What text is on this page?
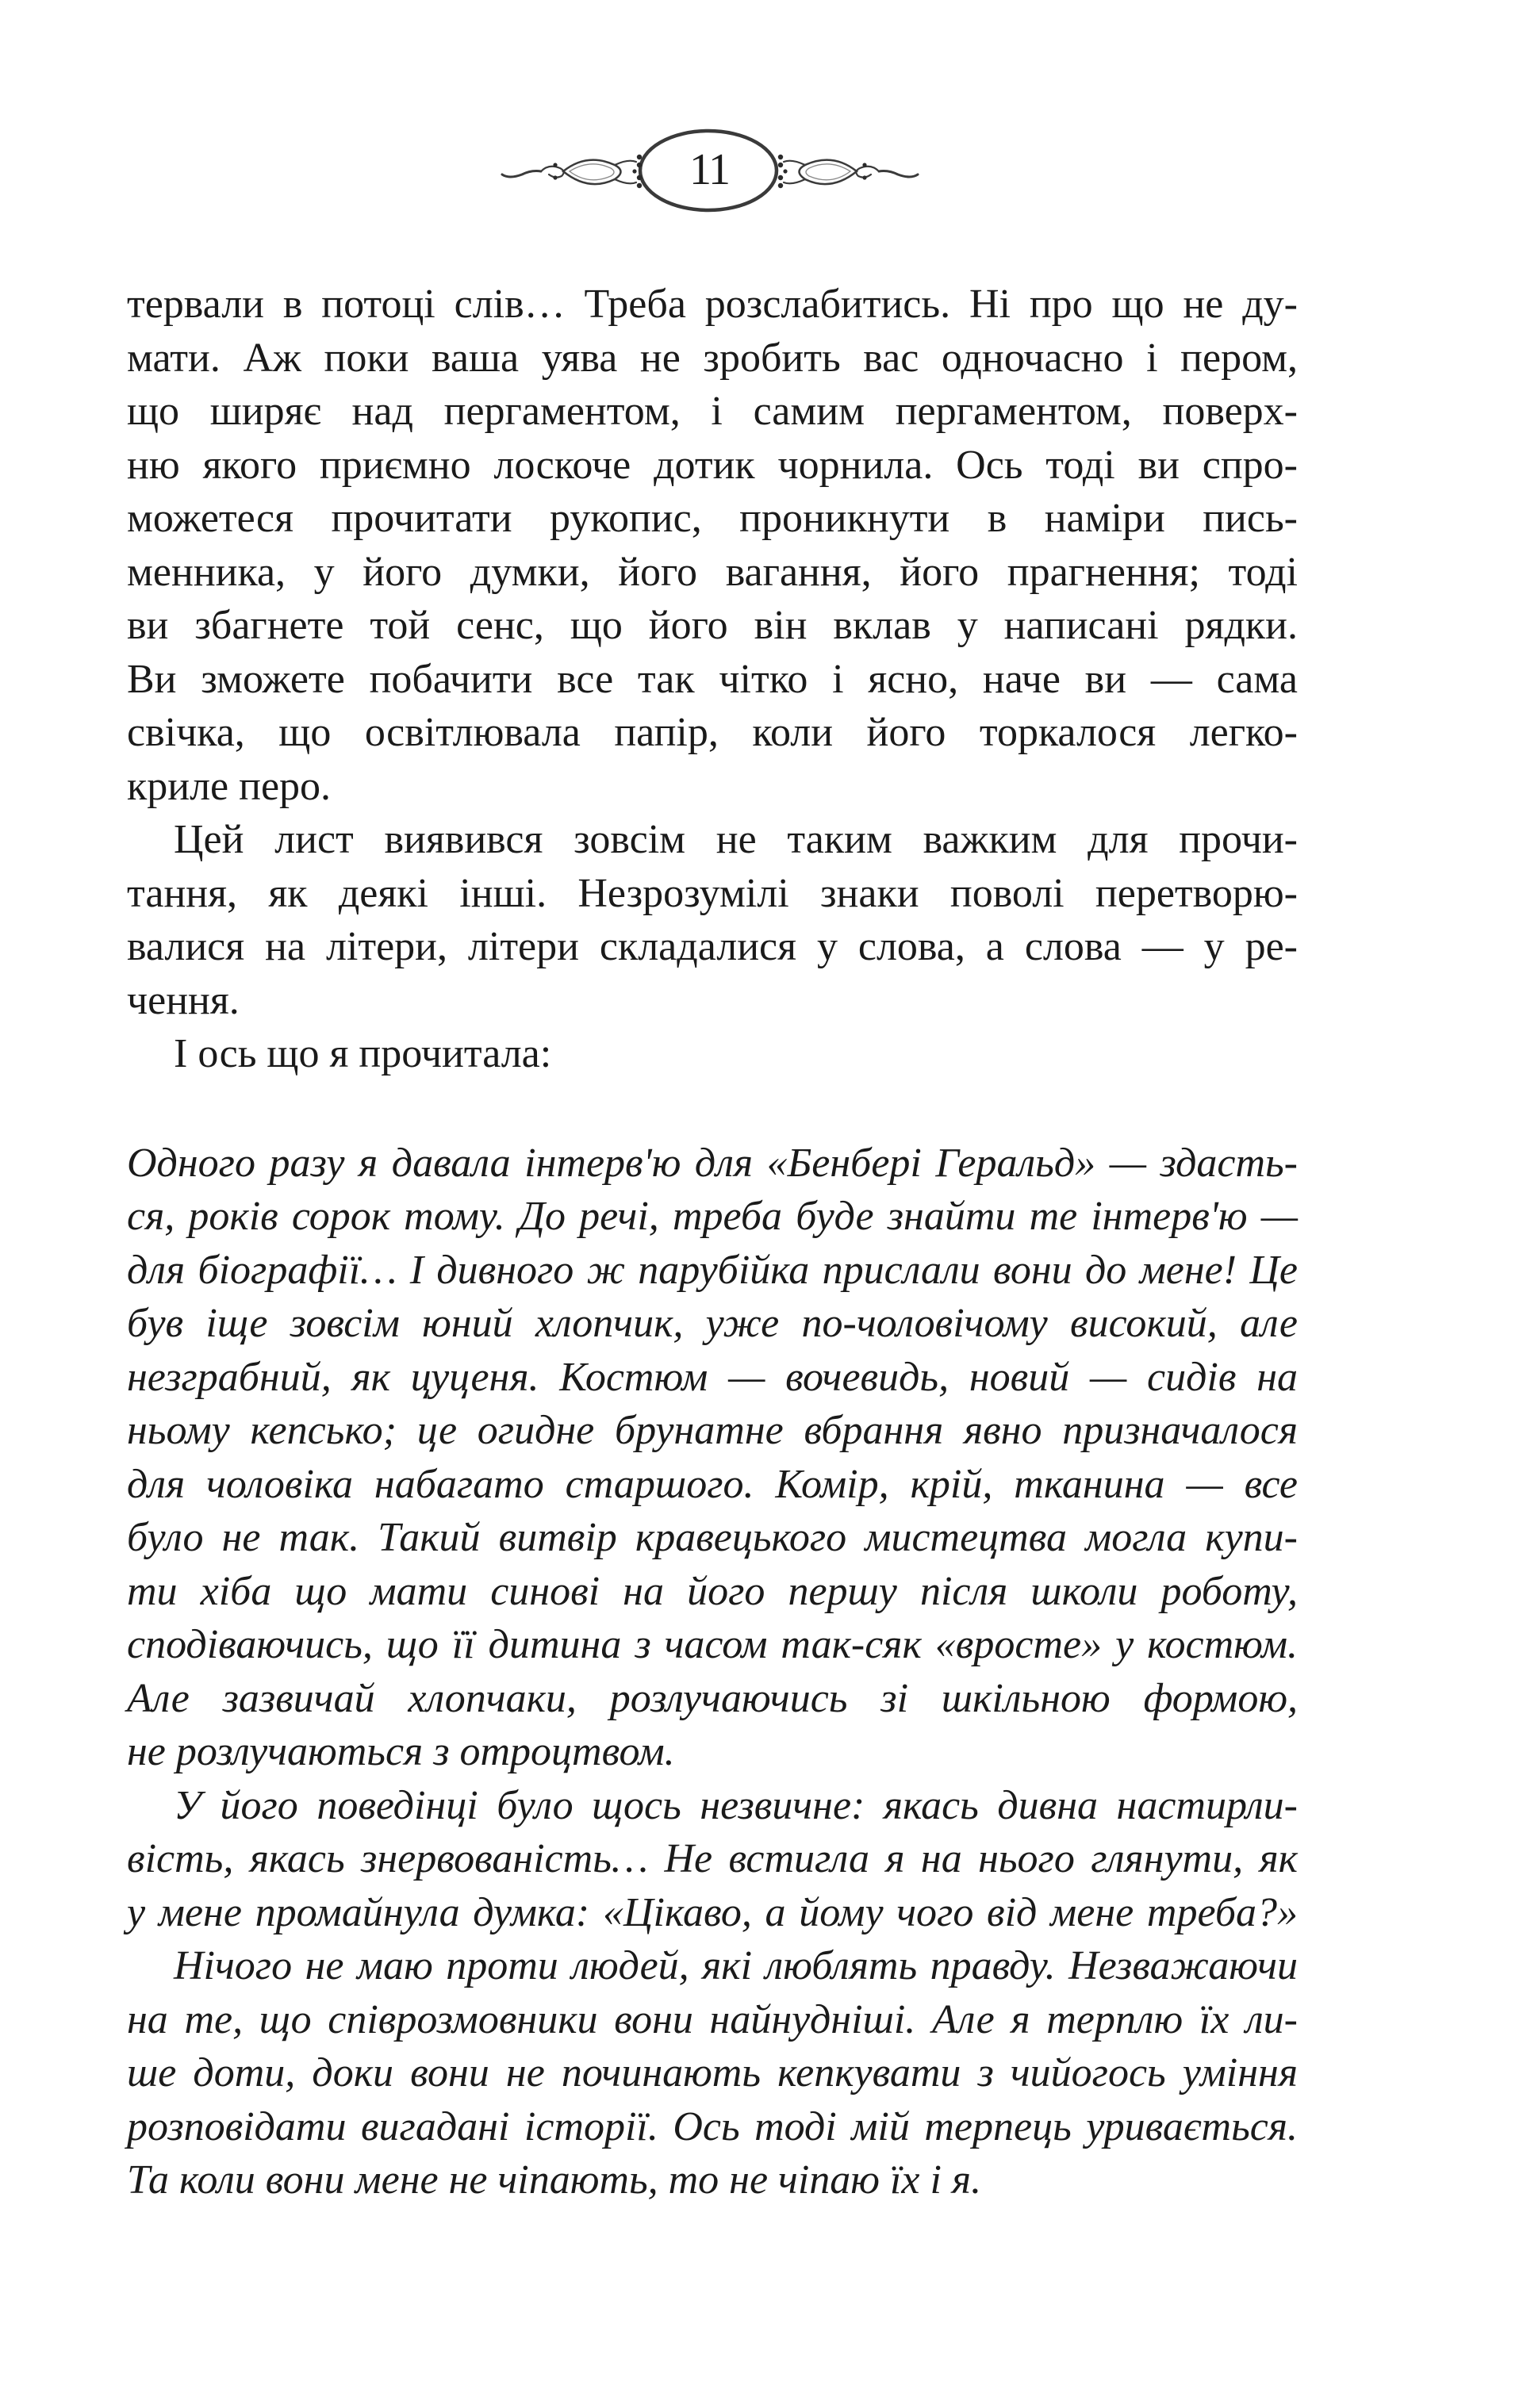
11
тервали в потоці слів… Треба розслабитись. Ні про що не ду-
мати. Аж поки ваша уява не зробить вас одночасно і пером,
що ширяє над пергаментом, і самим пергаментом, поверх-
ню якого приємно лоскоче дотик чорнила. Ось тоді ви спро-
можетеся прочитати рукопис, проникнути в наміри пись-
менника, у його думки, його вагання, його прагнення; тоді
ви збагнете той сенс, що його він вклав у написані рядки.
Ви зможете побачити все так чітко і ясно, наче ви — сама
свічка, що освітлювала папір, коли його торкалося легко-
криле перо.
Цей лист виявився зовсім не таким важким для прочи-
тання, як деякі інші. Незрозумілі знаки поволі перетворю-
валися на літери, літери складалися у слова, а слова — у ре-
чення.
І ось що я прочитала:
Одного разу я давала інтерв'ю для «Бенбері Геральд» — здасть-
ся, років сорок тому. До речі, треба буде знайти те інтерв'ю —
для біографії… І дивного ж парубійка прислали вони до мене! Це
був іще зовсім юний хлопчик, уже по-чоловічому високий, але
незграбний, як цуценя. Костюм — вочевидь, новий — сидів на
ньому кепсько; це огидне брунатне вбрання явно призначалося
для чоловіка набагато старшого. Комір, крій, тканина — все
було не так. Такий витвір кравецького мистецтва могла купи-
ти хіба що мати синові на його першу після школи роботу,
сподіваючись, що її дитина з часом так-сяк «вросте» у костюм.
Але зазвичай хлопчаки, розлучаючись зі шкільною формою,
не розлучаються з отроцтвом.
У його поведінці було щось незвичне: якась дивна настирли-
вість, якась знервованість… Не встигла я на нього глянути, як
у мене промайнула думка: «Цікаво, а йому чого від мене треба?»
Нічого не маю проти людей, які люблять правду. Незважаючи
на те, що співрозмовники вони найнудніші. Але я терплю їх ли-
ше доти, доки вони не починають кепкувати з чийогось уміння
розповідати вигадані історії. Ось тоді мій терпець уривається.
Та коли вони мене не чіпають, то не чіпаю їх і я.
